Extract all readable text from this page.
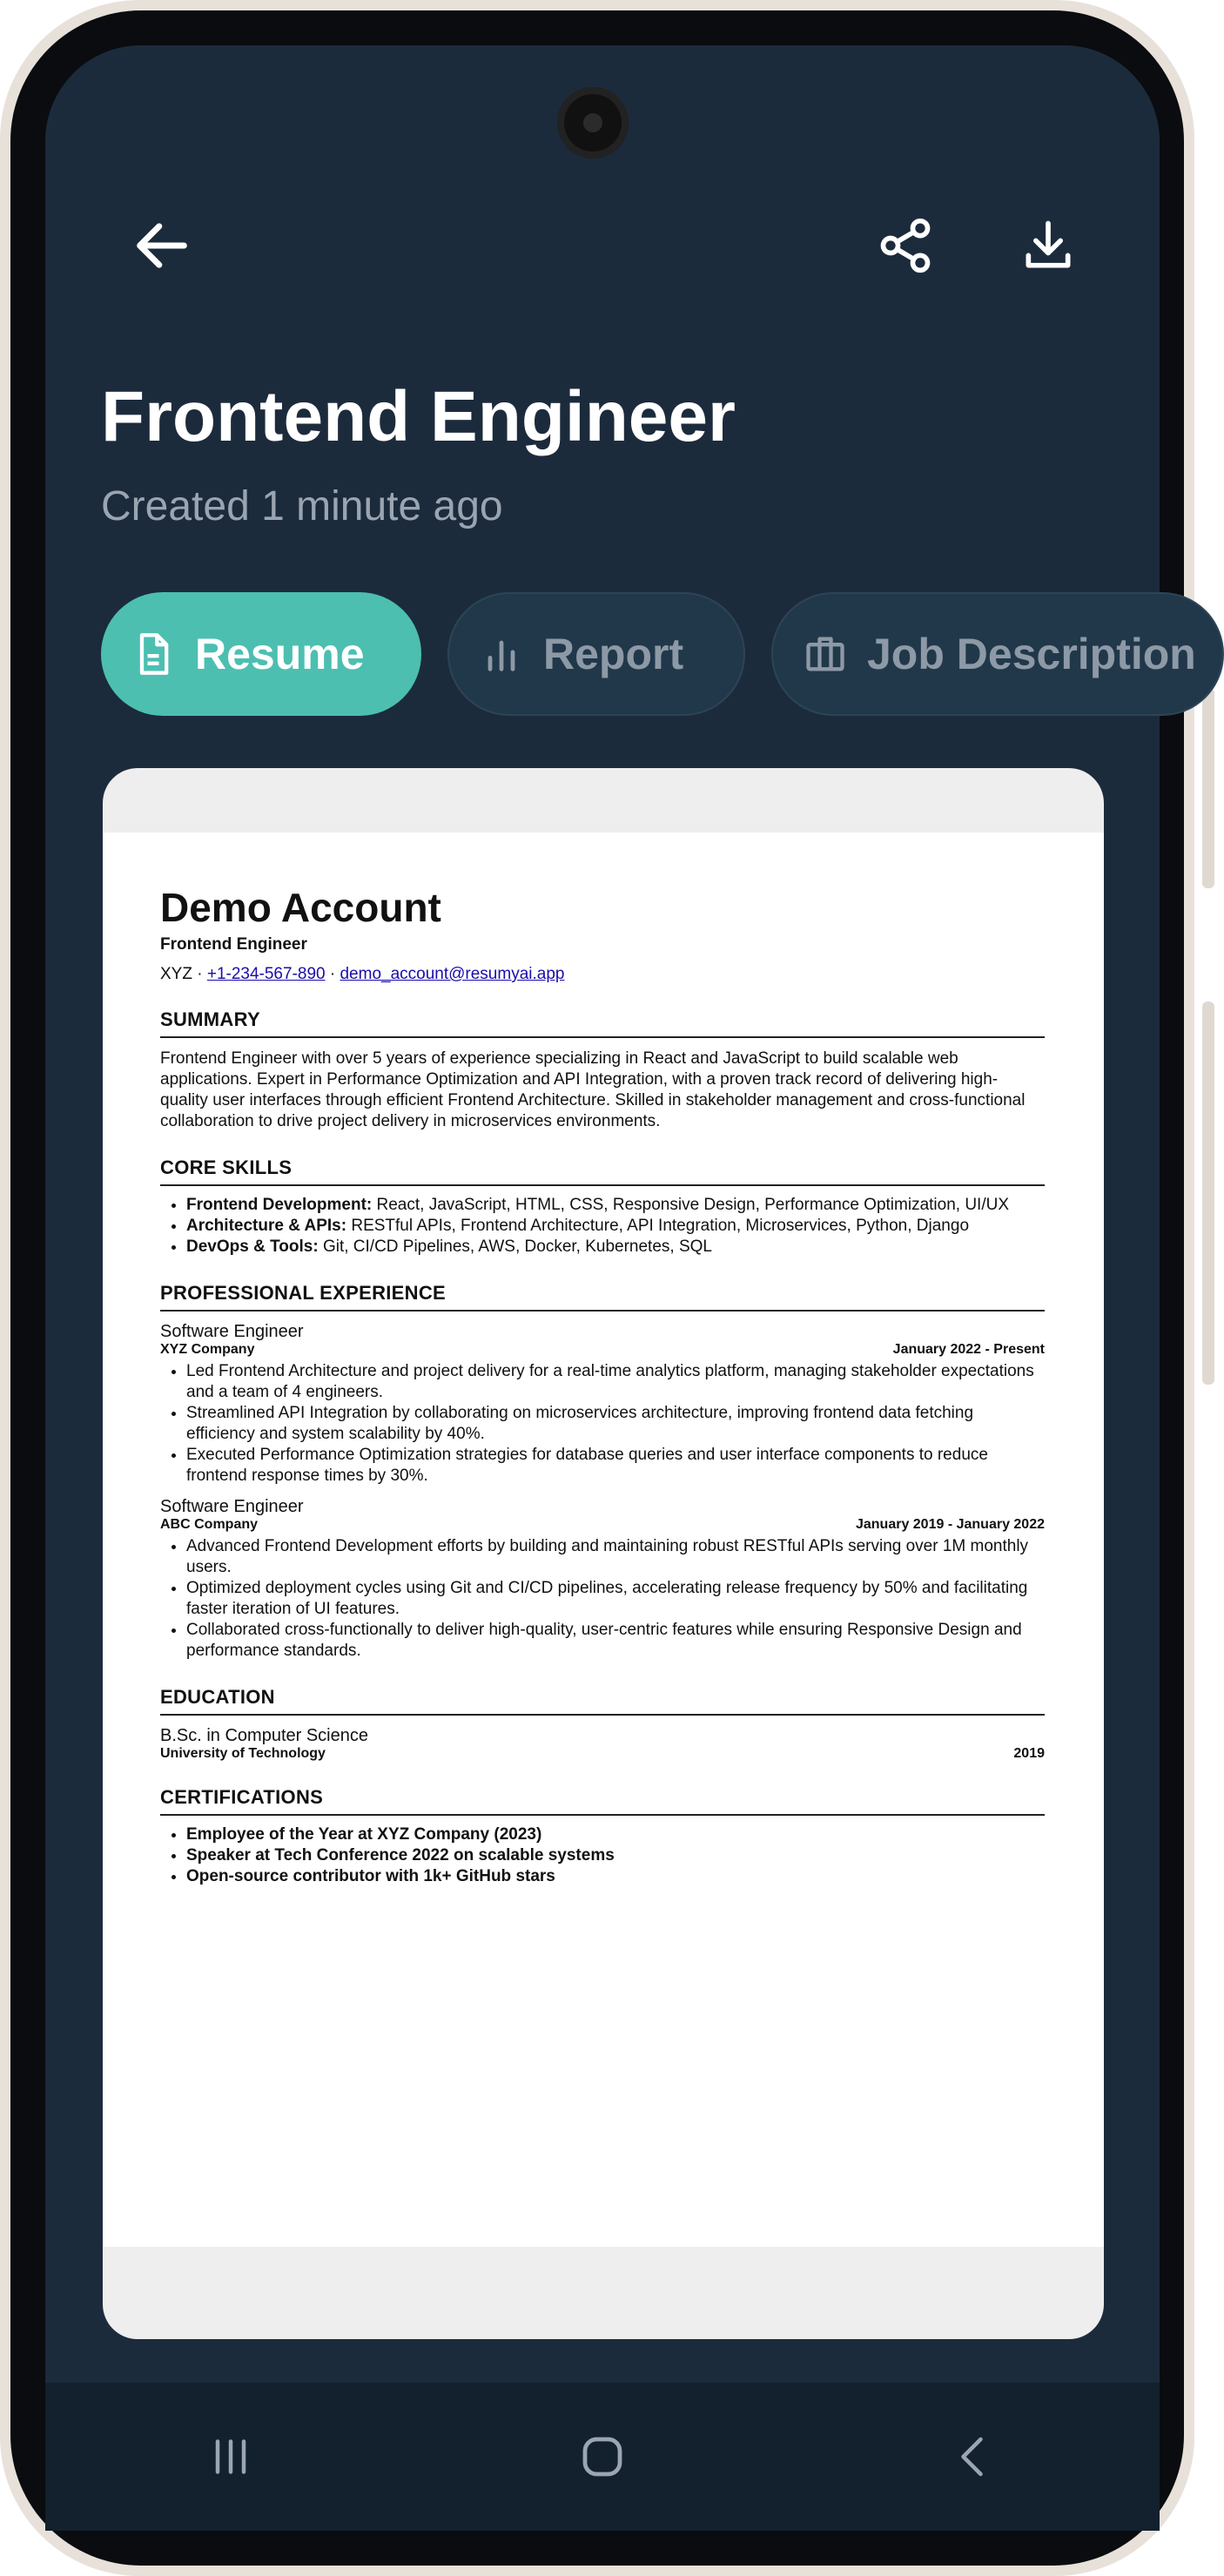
Frontend Engineer
Created 1 minute ago
Resume	Report	Job Description
Demo Account
Frontend Engineer
XYZ · +1-234-567-890 · demo_account@resumyai.app
SUMMARY
Frontend Engineer with over 5 years of experience specializing in React and JavaScript to build scalable web applications. Expert in Performance Optimization and API Integration, with a proven track record of delivering high-quality user interfaces through efficient Frontend Architecture. Skilled in stakeholder management and cross-functional collaboration to drive project delivery in microservices environments.
CORE SKILLS
• Frontend Development: React, JavaScript, HTML, CSS, Responsive Design, Performance Optimization, UI/UX
• Architecture & APIs: RESTful APIs, Frontend Architecture, API Integration, Microservices, Python, Django
• DevOps & Tools: Git, CI/CD Pipelines, AWS, Docker, Kubernetes, SQL
PROFESSIONAL EXPERIENCE
Software Engineer
XYZ Company	January 2022 - Present
• Led Frontend Architecture and project delivery for a real-time analytics platform, managing stakeholder expectations and a team of 4 engineers.
• Streamlined API Integration by collaborating on microservices architecture, improving frontend data fetching efficiency and system scalability by 40%.
• Executed Performance Optimization strategies for database queries and user interface components to reduce frontend response times by 30%.
Software Engineer
ABC Company	January 2019 - January 2022
• Advanced Frontend Development efforts by building and maintaining robust RESTful APIs serving over 1M monthly users.
• Optimized deployment cycles using Git and CI/CD pipelines, accelerating release frequency by 50% and facilitating faster iteration of UI features.
• Collaborated cross-functionally to deliver high-quality, user-centric features while ensuring Responsive Design and performance standards.
EDUCATION
B.Sc. in Computer Science
University of Technology	2019
CERTIFICATIONS
• Employee of the Year at XYZ Company (2023)
• Speaker at Tech Conference 2022 on scalable systems
• Open-source contributor with 1k+ GitHub stars
